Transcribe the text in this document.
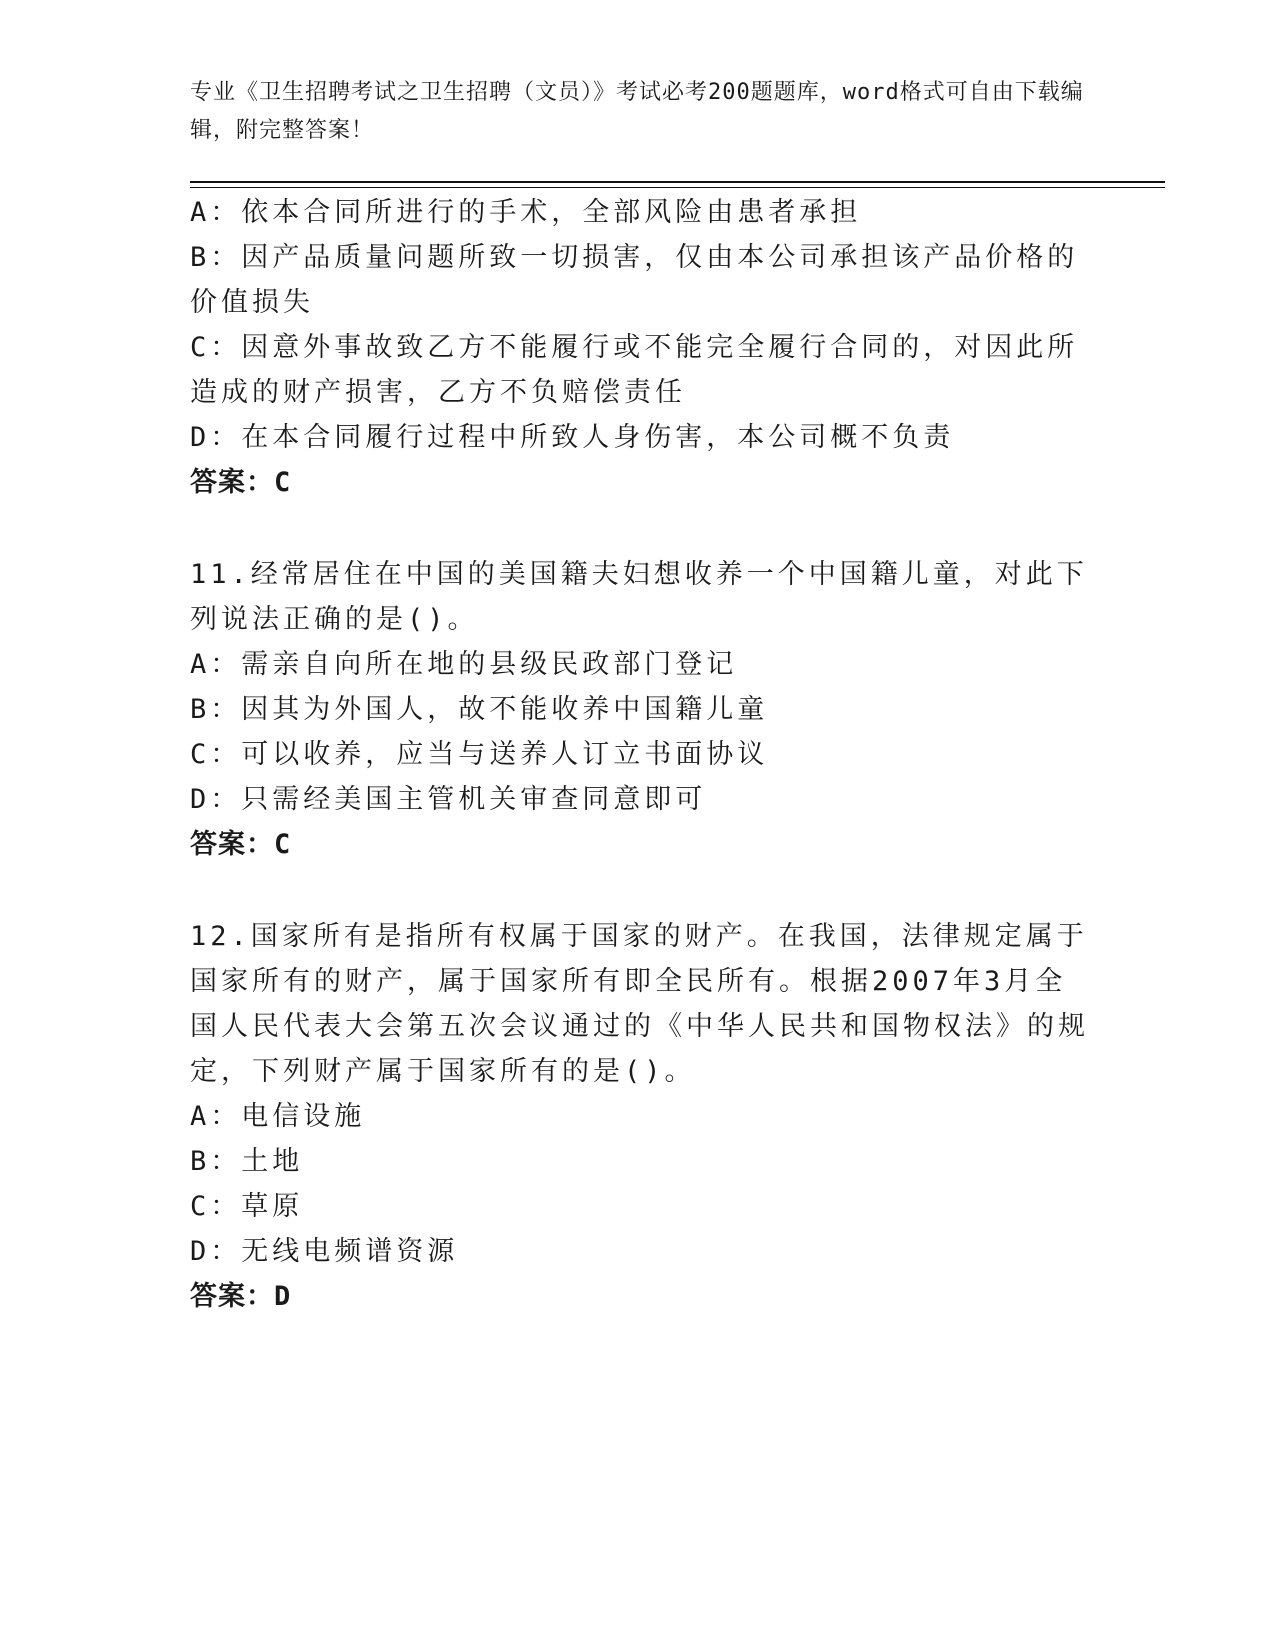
专业《卫生招聘考试之卫生招聘（文员）》考试必考200题题库，word格式可自由下载编辑，附完整答案！
A：依本合同所进行的手术，全部风险由患者承担
B：因产品质量问题所致一切损害，仅由本公司承担该产品价格的价值损失
C：因意外事故致乙方不能履行或不能完全履行合同的，对因此所造成的财产损害，乙方不负赔偿责任
D：在本合同履行过程中所致人身伤害，本公司概不负责
答案：C
11.经常居住在中国的美国籍夫妇想收养一个中国籍儿童，对此下列说法正确的是()。
A：需亲自向所在地的县级民政部门登记
B：因其为外国人，故不能收养中国籍儿童
C：可以收养，应当与送养人订立书面协议
D：只需经美国主管机关审查同意即可
答案：C
12.国家所有是指所有权属于国家的财产。在我国，法律规定属于国家所有的财产，属于国家所有即全民所有。根据2007年3月全国人民代表大会第五次会议通过的《中华人民共和国物权法》的规定，下列财产属于国家所有的是()。
A：电信设施
B：土地
C：草原
D：无线电频谱资源
答案：D
